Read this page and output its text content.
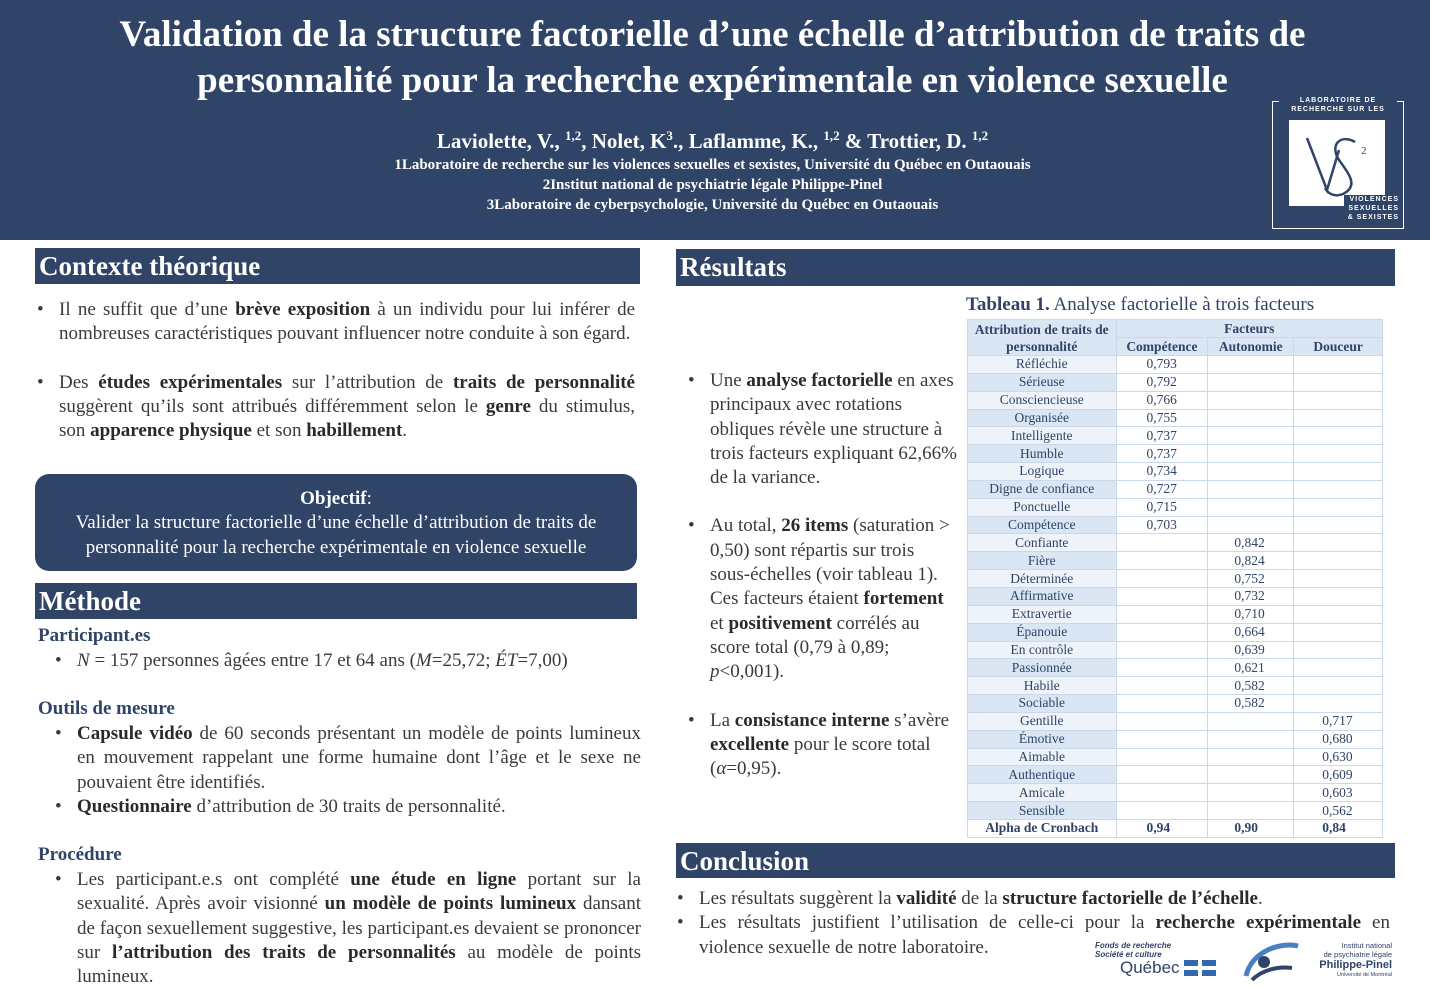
Validation de la structure factorielle d’une échelle d’attribution de traits de
personnalité pour la recherche expérimentale en violence sexuelle
Laviolette, V., $^{1,2}$, Nolet, $K^3$., Laflamme, K., $^{1,2}$ & Trottier, D. $^{1,2}$
1Laboratoire de recherche sur les violences sexuelles et sexistes, Université du Québec en Outaouais
2Institut national de psychiatrie légale Philippe-Pinel
3Laboratoire de cyberpsychologie, Université du Québec en Outaouais
LABORATOIRE DE RECHERCHE SUR LES
2
VIOLENCES
SEXUELLES
& SEXISTES
Contexte théorique
• Il ne suffit que d’une brève exposition à un individu pour lui inférer de nombreuses caractéristiques pouvant influencer notre conduite à son égard.
• Des études expérimentales sur l’attribution de traits de personnalité suggèrent qu’ils sont attribués différemment selon le genre du stimulus, son apparence physique et son habillement.
Objectif:
Valider la structure factorielle d’une échelle d’attribution de traits de personnalité pour la recherche expérimentale en violence sexuelle
Méthode
Participant.es
• N = 157 personnes âgées entre 17 et 64 ans (M=25,72; ÉT=7,00)
Outils de mesure
• Capsule vidéo de 60 seconds présentant un modèle de points lumineux en mouvement rappelant une forme humaine dont l’âge et le sexe ne pouvaient être identifiés.
• Questionnaire d’attribution de 30 traits de personnalité.
Procédure
• Les participant.e.s ont complété une étude en ligne portant sur la sexualité. Après avoir visionné un modèle de points lumineux dansant de façon sexuellement suggestive, les participant.es devaient se prononcer sur l’attribution des traits de personnalités au modèle de points lumineux.
Résultats
• Une analyse factorielle en axes principaux avec rotations obliques révèle une structure à trois facteurs expliquant 62,66% de la variance.
• Au total, 26 items (saturation > 0,50) sont répartis sur trois sous-échelles (voir tableau 1). Ces facteurs étaient fortement et positivement corrélés au score total (0,79 à 0,89; p<0,001).
• La consistance interne s’avère excellente pour le score total (α=0,95).
Tableau 1. Analyse factorielle à trois facteurs
Attribution de traits de personnalité	Facteurs		
	Compétence	Autonomie	Douceur
Réfléchie	0,793		
Sérieuse	0,792		
Consciencieuse	0,766		
Organisée	0,755		
Intelligente	0,737		
Humble	0,737		
Logique	0,734		
Digne de confiance	0,727		
Ponctuelle	0,715		
Compétence	0,703		
Confiante		0,842	
Fière		0,824	
Déterminée		0,752	
Affirmative		0,732	
Extravertie		0,710	
Épanouie		0,664	
En contrôle		0,639	
Passionnée		0,621	
Habile		0,582	
Sociable		0,582	
Gentille			0,717
Émotive			0,680
Aimable			0,630
Authentique			0,609
Amicale			0,603
Sensible			0,562
Alpha de Cronbach	0,94	0,90	0,84
Conclusion
• Les résultats suggèrent la validité de la structure factorielle de l’échelle.
• Les résultats justifient l’utilisation de celle-ci pour la recherche expérimentale en violence sexuelle de notre laboratoire.	Fonds de recherche
Société et culture
Québec
Institut national
de psychiatrie légale
Philippe-Pinel
Université de Montréal
